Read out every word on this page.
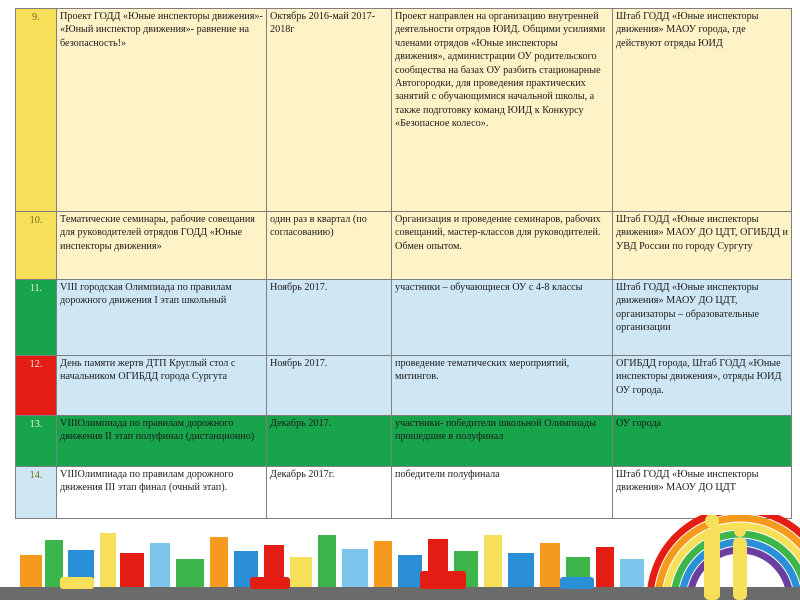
9.	Проект ГОДД «Юные инспекторы движения»- «Юный инспектор движения»- равнение на безопасность!»	Октябрь 2016-май 2017- 2018г	Проект направлен на организацию внутренней деятельности отрядов ЮИД. Общими усилиями членами отрядов «Юные инспекторы движения», администрации ОУ родительского сообщества на базах ОУ разбить стационарные Автогородки, для проведения практических занятий с обучающимися начальной школы, а также подготовку команд ЮИД к Конкурсу «Безопасное колесо».	Штаб ГОДД «Юные инспекторы движения» МАОУ города, где действуют отряды ЮИД
10.	Тематические семинары, рабочие совещания для руководителей отрядов ГОДД «Юные инспекторы движения»	один раз в квартал (по согласованию)	Организация и проведение семинаров, рабочих совещаний, мастер-классов для руководителей. Обмен опытом.	Штаб ГОДД «Юные инспекторы движения» МАОУ ДО ЦДТ, ОГИБДД и УВД России по городу Сургуту
11.	VIII городская Олимпиада по правилам дорожного движения I этап школьный	Ноябрь 2017.	участники – обучающиеся ОУ с 4-8 классы	Штаб ГОДД «Юные инспекторы движения» МАОУ ДО ЦДТ, организаторы – образовательные организации
12.	День памяти жертв ДТП Круглый стол с начальником ОГИБДД города Сургута	Ноябрь 2017.	проведение тематических мероприятий, митингов.	ОГИБДД города, Штаб ГОДД «Юные инспекторы движения», отряды ЮИД ОУ города.
13.	VIIIОлимпиада по правилам дорожного движения II этап полуфинал (дистанционно)	Декабрь 2017.	участники- победители школьной Олимпиады прошедшие в полуфинал	ОУ города
14.	VIIIОлимпиада по правилам дорожного движения III этап финал (очный этап).	Декабрь 2017г.	победители полуфинала	Штаб ГОДД «Юные инспекторы движения» МАОУ ДО ЦДТ
